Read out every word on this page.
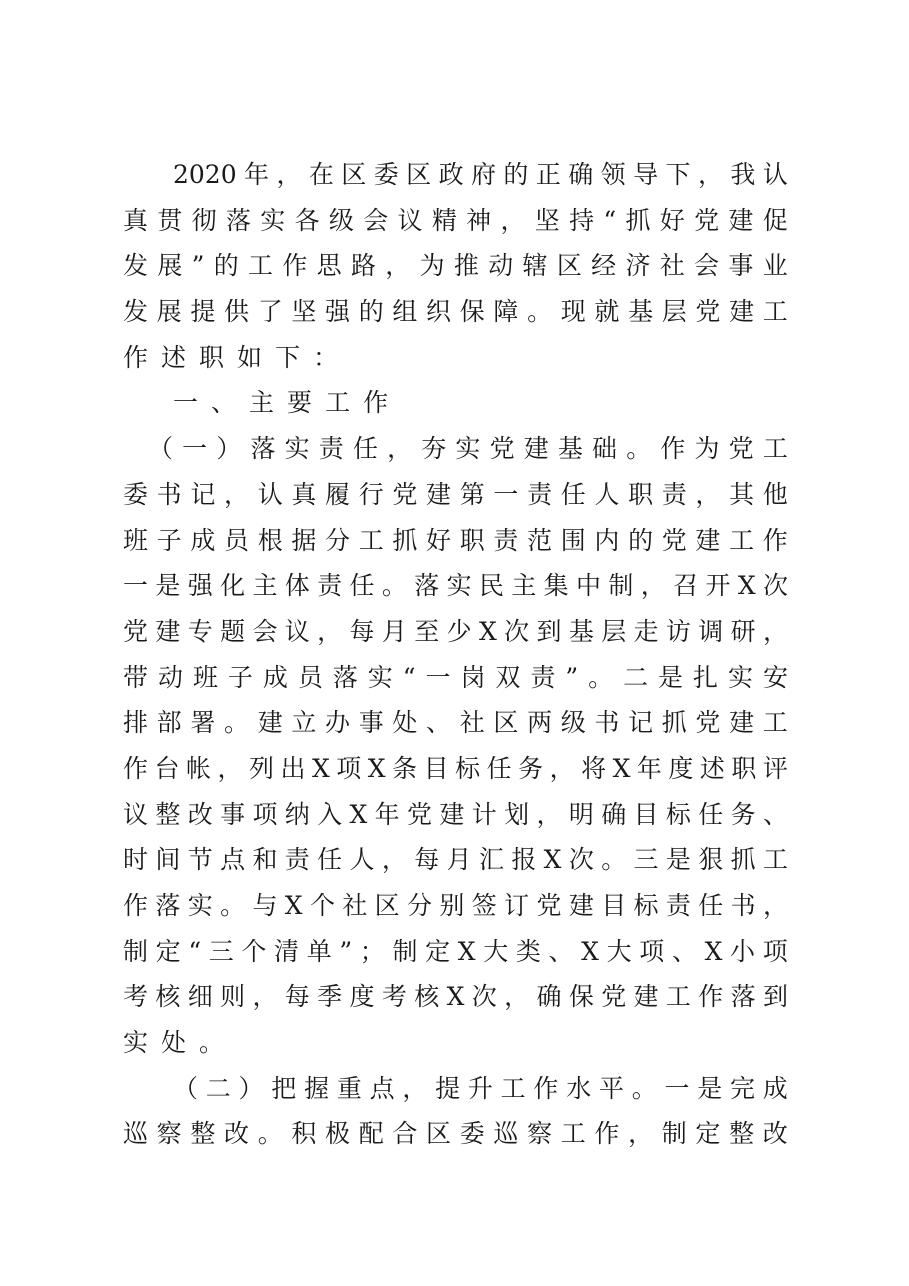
2020 年 ， 在 区 委 区 政 府 的 正 确 领 导 下 ， 我 认
真 贯 彻 落 实 各 级 会 议 精 神 ， 坚 持 “ 抓 好 党 建 促
发 展 ” 的 工 作 思 路 ， 为 推 动 辖 区 经 济 社 会 事 业
发 展 提 供 了 坚 强 的 组 织 保 障 。 现 就 基 层 党 建 工
作 述 职 如 下 ：
一 、 主 要 工 作
（ 一 ） 落 实 责 任 ， 夯 实 党 建 基 础 。 作 为 党 工
委 书 记 ， 认 真 履 行 党 建 第 一 责 任 人 职 责 ， 其 他
班 子 成 员 根 据 分 工 抓 好 职 责 范 围 内 的 党 建 工 作
一 是 强 化 主 体 责 任 。 落 实 民 主 集 中 制 ， 召 开 X 次
党 建 专 题 会 议 ， 每 月 至 少 X 次 到 基 层 走 访 调 研 ，
带 动 班 子 成 员 落 实 “ 一 岗 双 责 ” 。 二 是 扎 实 安
排 部 署 。 建 立 办 事 处 、 社 区 两 级 书 记 抓 党 建 工
作 台 帐 ， 列 出 X 项 X 条 目 标 任 务 ， 将 X 年 度 述 职 评
议 整 改 事 项 纳 入 X 年 党 建 计 划 ， 明 确 目 标 任 务 、
时 间 节 点 和 责 任 人 ， 每 月 汇 报 X 次 。 三 是 狠 抓 工
作 落 实 。 与 X 个 社 区 分 别 签 订 党 建 目 标 责 任 书 ，
制 定 “ 三 个 清 单 ” ； 制 定 X 大 类 、 X 大 项 、 X 小 项
考 核 细 则 ， 每 季 度 考 核 X 次 ， 确 保 党 建 工 作 落 到
实 处 。
（ 二 ） 把 握 重 点 ， 提 升 工 作 水 平 。 一 是 完 成
巡 察 整 改 。 积 极 配 合 区 委 巡 察 工 作 ， 制 定 整 改
